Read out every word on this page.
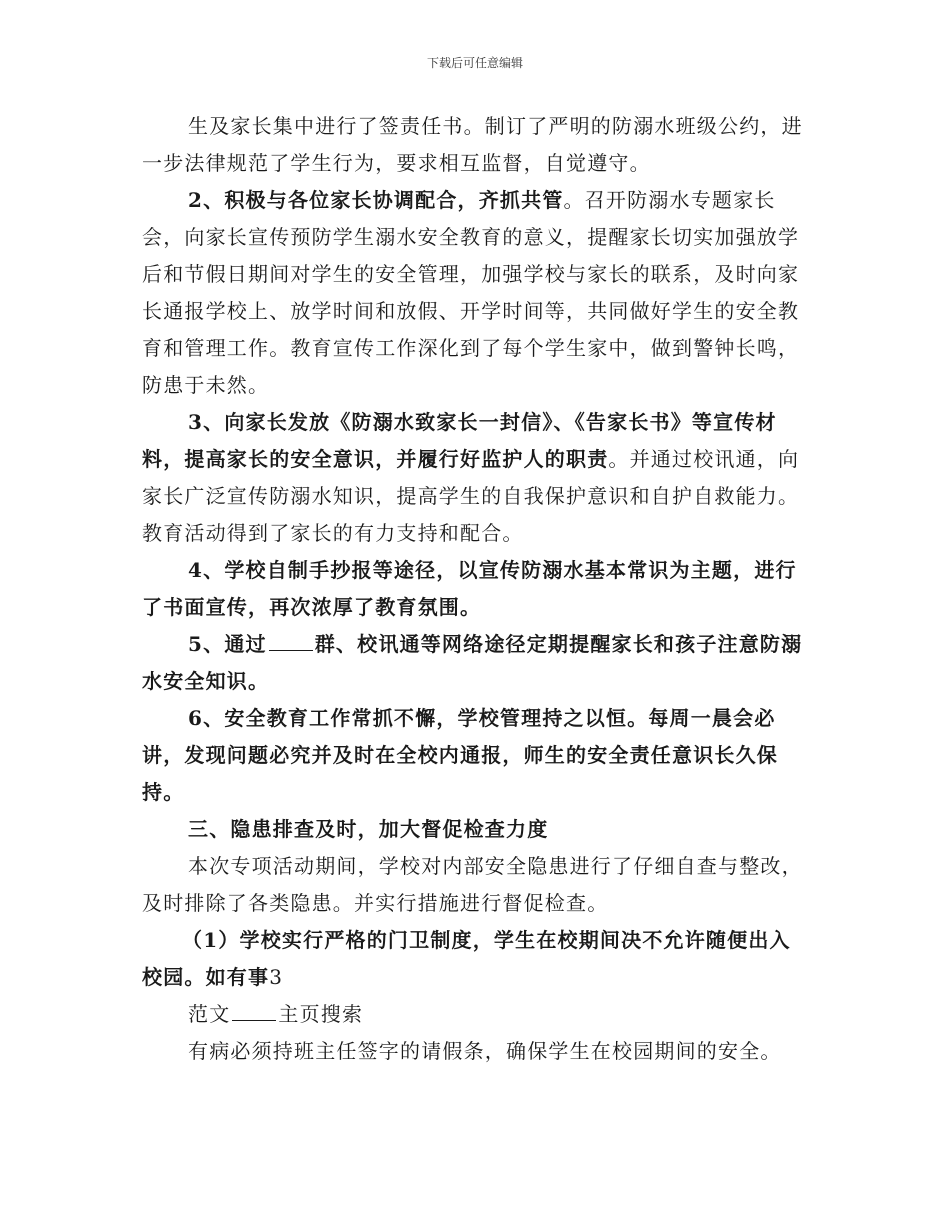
下载后可任意编辑

生及家长集中进行了签责任书。制订了严明的防溺水班级公约，进一步法律规范了学生行为，要求相互监督，自觉遵守。

2、积极与各位家长协调配合，齐抓共管。召开防溺水专题家长会，向家长宣传预防学生溺水安全教育的意义，提醒家长切实加强放学后和节假日期间对学生的安全管理，加强学校与家长的联系，及时向家长通报学校上、放学时间和放假、开学时间等，共同做好学生的安全教育和管理工作。教育宣传工作深化到了每个学生家中，做到警钟长鸣，防患于未然。

3、向家长发放《防溺水致家长一封信》、《告家长书》等宣传材料，提高家长的安全意识，并履行好监护人的职责。并通过校讯通，向家长广泛宣传防溺水知识，提高学生的自我保护意识和自护自救能力。教育活动得到了家长的有力支持和配合。

4、学校自制手抄报等途径，以宣传防溺水基本常识为主题，进行了书面宣传，再次浓厚了教育氛围。

5、通过 群、校讯通等网络途径定期提醒家长和孩子注意防溺水安全知识。

6、安全教育工作常抓不懈，学校管理持之以恒。每周一晨会必讲，发现问题必究并及时在全校内通报，师生的安全责任意识长久保持。

三、隐患排查及时，加大督促检查力度

本次专项活动期间，学校对内部安全隐患进行了仔细自查与整改，及时排除了各类隐患。并实行措施进行督促检查。

（1）学校实行严格的门卫制度，学生在校期间决不允许随便出入校园。如有事3

范文 主页搜索

有病必须持班主任签字的请假条，确保学生在校园期间的安全。
